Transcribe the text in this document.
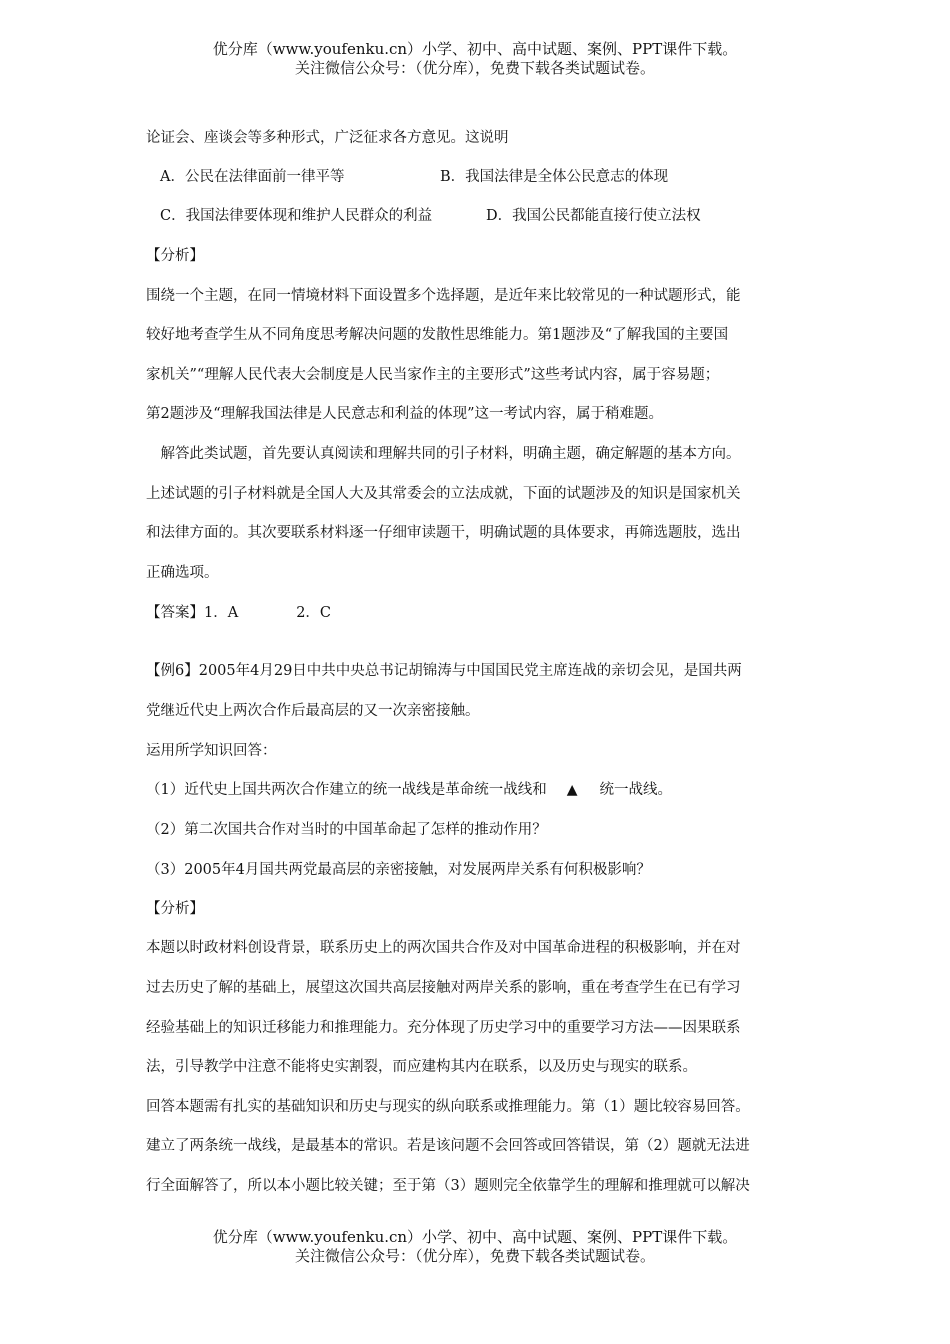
优分库（www.youfenku.cn）小学、初中、高中试题、案例、PPT课件下载。
关注微信公众号：（优分库），免费下载各类试题试卷。
论证会、座谈会等多种形式，广泛征求各方意见。这说明
A．公民在法律面前一律平等	B．我国法律是全体公民意志的体现
C．我国法律要体现和维护人民群众的利益	D．我国公民都能直接行使立法权
【分析】
围绕一个主题，在同一情境材料下面设置多个选择题，是近年来比较常见的一种试题形式，能
较好地考查学生从不同角度思考解决问题的发散性思维能力。第1题涉及“了解我国的主要国
家机关”“理解人民代表大会制度是人民当家作主的主要形式”这些考试内容，属于容易题；
第2题涉及“理解我国法律是人民意志和利益的体现”这一考试内容，属于稍难题。
　解答此类试题，首先要认真阅读和理解共同的引子材料，明确主题，确定解题的基本方向。
上述试题的引子材料就是全国人大及其常委会的立法成就，下面的试题涉及的知识是国家机关
和法律方面的。其次要联系材料逐一仔细审读题干，明确试题的具体要求，再筛选题肢，选出
正确选项。
【答案】1．A	2．C
【例6】2005年4月29日中共中央总书记胡锦涛与中国国民党主席连战的亲切会见，是国共两
党继近代史上两次合作后最高层的又一次亲密接触。
运用所学知识回答：
（1）近代史上国共两次合作建立的统一战线是革命统一战线和 ▲ 统一战线。
（2）第二次国共合作对当时的中国革命起了怎样的推动作用？
（3）2005年4月国共两党最高层的亲密接触，对发展两岸关系有何积极影响？
【分析】
本题以时政材料创设背景，联系历史上的两次国共合作及对中国革命进程的积极影响，并在对
过去历史了解的基础上，展望这次国共高层接触对两岸关系的影响，重在考查学生在已有学习
经验基础上的知识迁移能力和推理能力。充分体现了历史学习中的重要学习方法——因果联系
法，引导教学中注意不能将史实割裂，而应建构其内在联系，以及历史与现实的联系。
回答本题需有扎实的基础知识和历史与现实的纵向联系或推理能力。第（1）题比较容易回答。
建立了两条统一战线，是最基本的常识。若是该问题不会回答或回答错误，第（2）题就无法进
行全面解答了，所以本小题比较关键；至于第（3）题则完全依靠学生的理解和推理就可以解决
优分库（www.youfenku.cn）小学、初中、高中试题、案例、PPT课件下载。
关注微信公众号：（优分库），免费下载各类试题试卷。
